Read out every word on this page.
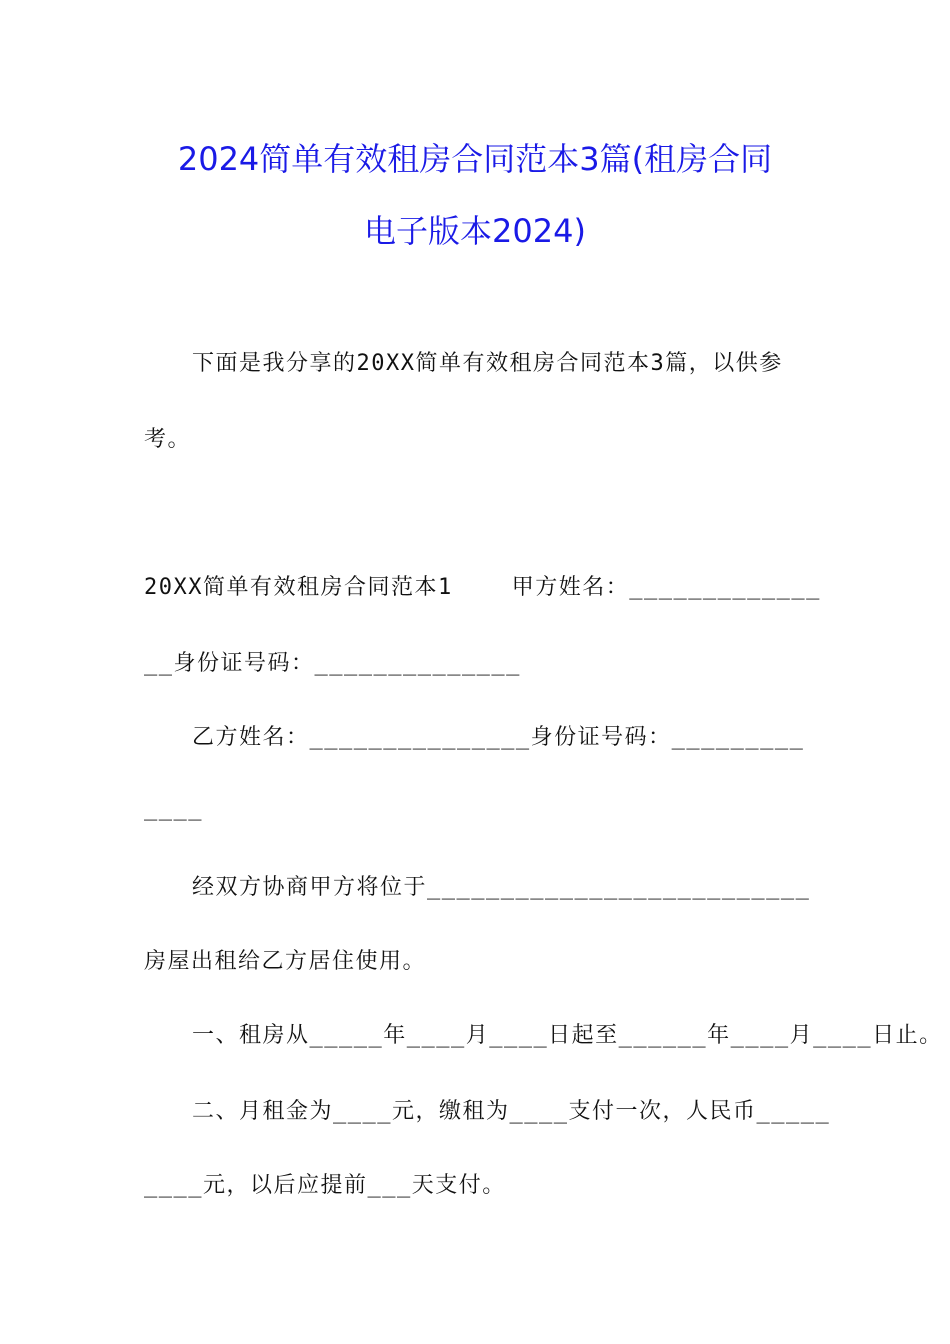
2024简单有效租房合同范本3篇(租房合同
电子版本2024)

下面是我分享的20XX简单有效租房合同范本3篇，以供参

考。

20XX简单有效租房合同范本1    甲方姓名：_____________

__身份证号码：______________

乙方姓名：_______________身份证号码：_________

____

经双方协商甲方将位于__________________________

房屋出租给乙方居住使用。

一、租房从_____年____月____日起至______年____月____日止。

二、月租金为____元，缴租为____支付一次，人民币_____

____元，以后应提前___天支付。
